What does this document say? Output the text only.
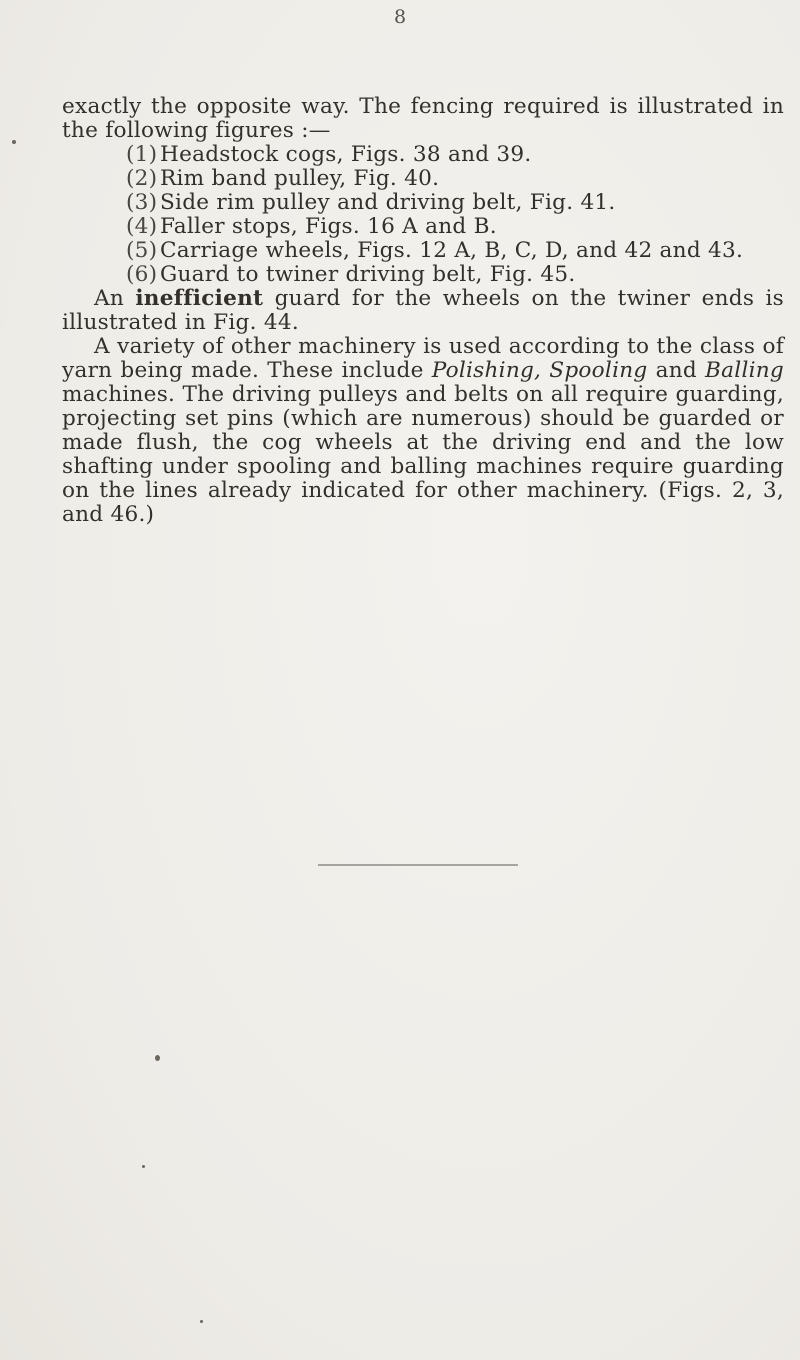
8

exactly the opposite way. The fencing required is illustrated in the following figures :—

(1) Headstock cogs, Figs. 38 and 39.
(2) Rim band pulley, Fig. 40.
(3) Side rim pulley and driving belt, Fig. 41.
(4) Faller stops, Figs. 16 A and B.
(5) Carriage wheels, Figs. 12 A, B, C, D, and 42 and 43.
(6) Guard to twiner driving belt, Fig. 45.

An inefficient guard for the wheels on the twiner ends is illustrated in Fig. 44.

A variety of other machinery is used according to the class of yarn being made. These include Polishing, Spooling and Balling machines. The driving pulleys and belts on all require guarding, projecting set pins (which are numerous) should be guarded or made flush, the cog wheels at the driving end and the low shafting under spooling and balling machines require guarding on the lines already indicated for other machinery. (Figs. 2, 3, and 46.)
